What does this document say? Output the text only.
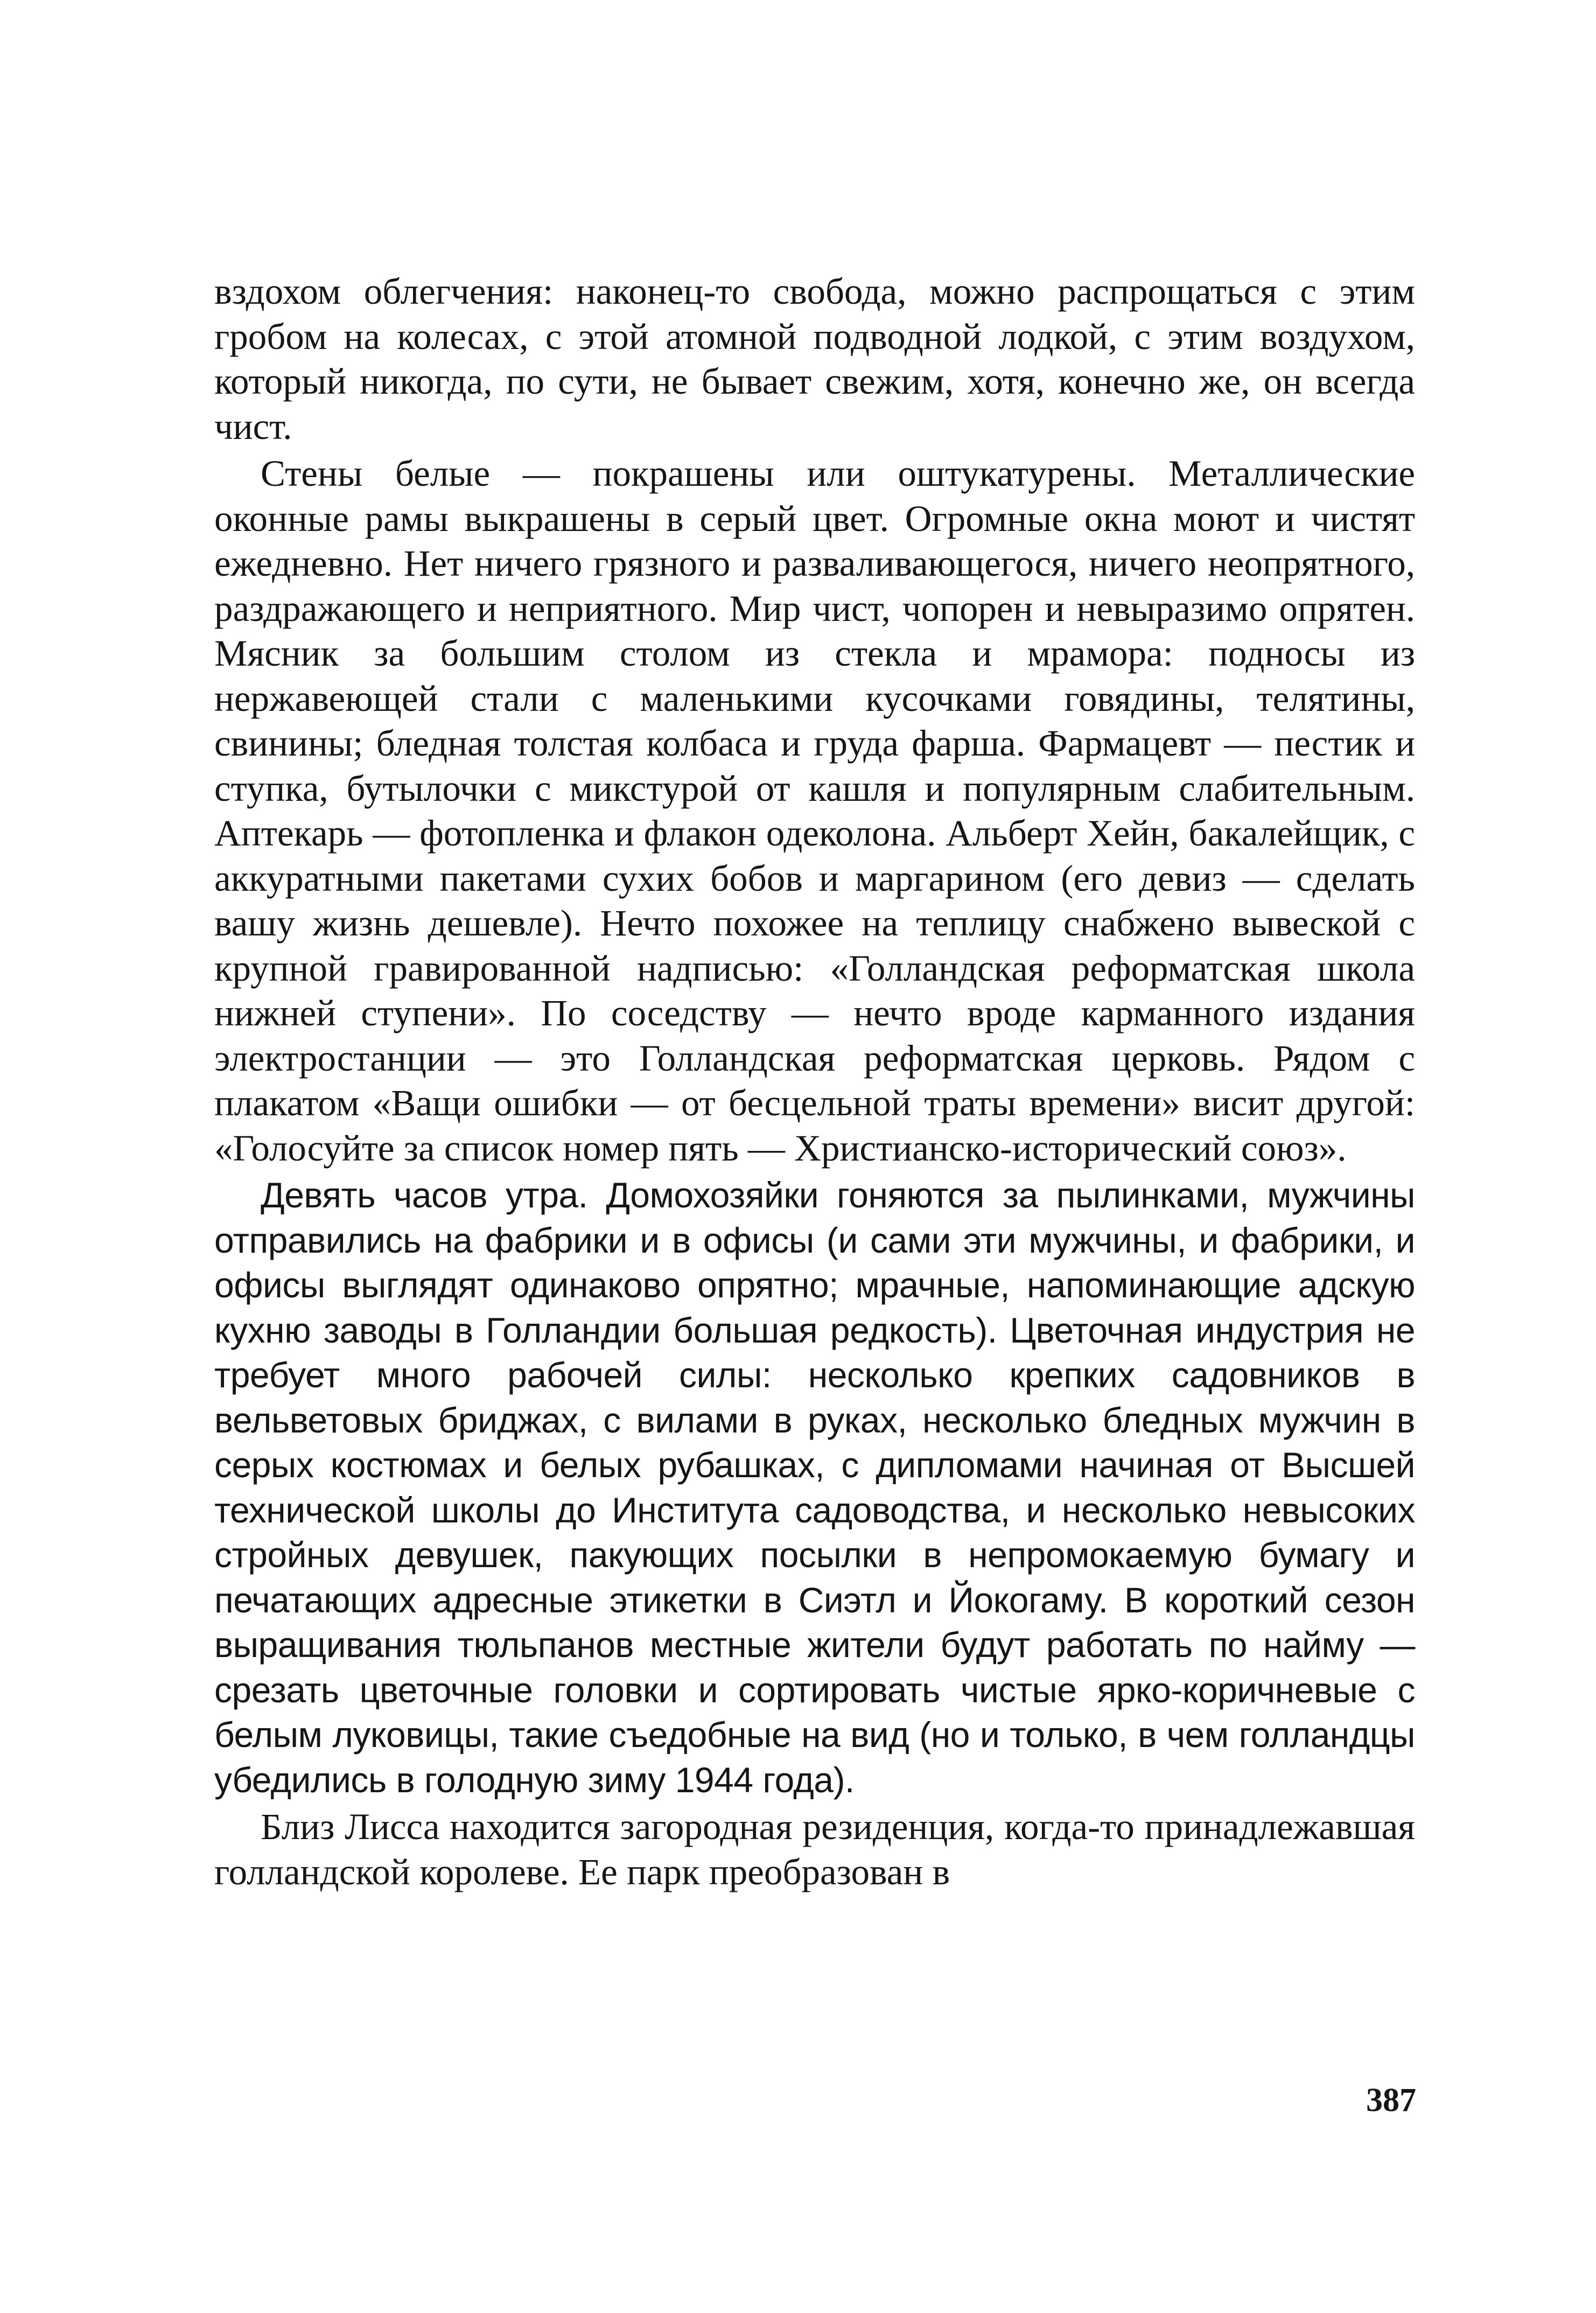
вздохом облегчения: наконец-то свобода, можно распрощаться с этим гробом на колесах, с этой атомной подводной лодкой, с этим воздухом, который никогда, по сути, не бывает свежим, хотя, конечно же, он всегда чист.

Стены белые — покрашены или оштукатурены. Металлические оконные рамы выкрашены в серый цвет. Огромные окна моют и чистят ежедневно. Нет ничего грязного и разваливающегося, ничего неопрятного, раздражающего и неприятного. Мир чист, чопорен и невыразимо опрятен. Мясник за большим столом из стекла и мрамора: подносы из нержавеющей стали с маленькими кусочками говядины, телятины, свинины; бледная толстая колбаса и груда фарша. Фармацевт — пестик и ступка, бутылочки с микстурой от кашля и популярным слабительным. Аптекарь — фотопленка и флакон одеколона. Альберт Хейн, бакалейщик, с аккуратными пакетами сухих бобов и маргарином (его девиз — сделать вашу жизнь дешевле). Нечто похожее на теплицу снабжено вывеской с крупной гравированной надписью: «Голландская реформатская школа нижней ступени». По соседству — нечто вроде карманного издания электростанции — это Голландская реформатская церковь. Рядом с плакатом «Ващи ошибки — от бесцельной траты времени» висит другой: «Голосуйте за список номер пять — Христианско-исторический союз».

Девять часов утра. Домохозяйки гоняются за пылинками, мужчины отправились на фабрики и в офисы (и сами эти мужчины, и фабрики, и офисы выглядят одинаково опрятно; мрачные, напоминающие адскую кухню заводы в Голландии большая редкость). Цветочная индустрия не требует много рабочей силы: несколько крепких садовников в вельветовых бриджах, с вилами в руках, несколько бледных мужчин в серых костюмах и белых рубашках, с дипломами начиная от Высшей технической школы до Института садоводства, и несколько невысоких стройных девушек, пакующих посылки в непромокаемую бумагу и печатающих адресные этикетки в Сиэтл и Йокогаму. В короткий сезон выращивания тюльпанов местные жители будут работать по найму — срезать цветочные головки и сортировать чистые ярко-коричневые с белым луковицы, такие съедобные на вид (но и только, в чем голландцы убедились в голодную зиму 1944 года).

Близ Лисса находится загородная резиденция, когда-то принадлежавшая голландской королеве. Ее парк преобразован в

387
